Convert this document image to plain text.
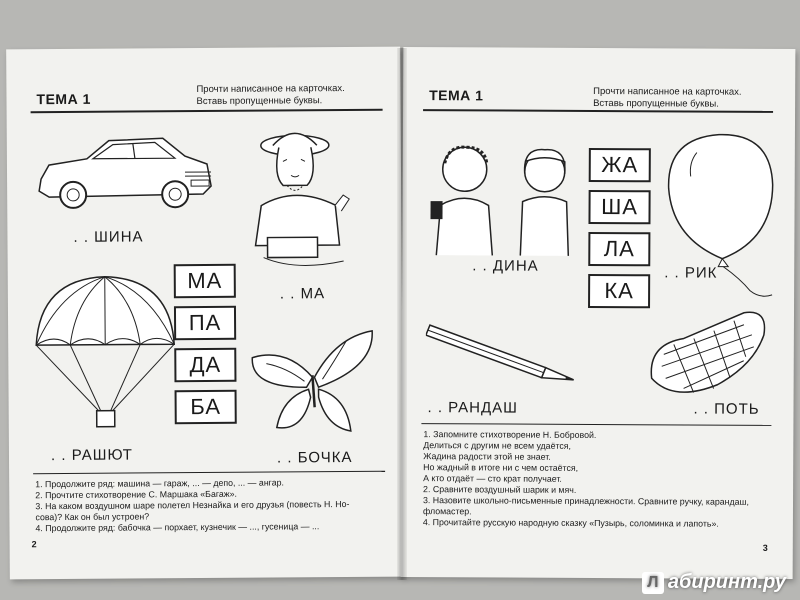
ТЕМА 1
Прочти написанное на карточках.
Вставь пропущенные буквы.
. . ШИНА
. . МА
МА
ПА
ДА
БА
. . РАШЮТ	. . БОЧКА
1. Продолжите ряд: машина — гараж, ... — депо, ... — ангар.
2. Прочтите стихотворение С. Маршака «Багаж».
3. На каком воздушном шаре полетел Незнайка и его друзья (повесть Н. Но-
сова)? Как он был устроен?
4. Продолжите ряд: бабочка — порхает, кузнечик — ..., гусеница — ...
2
ТЕМА 1	Прочти написанное на карточках.
Вставь пропущенные буквы.
. . ДИНА
ЖА
ША
ЛА
КА
. . РИК
. . РАНДАШ	. . ПОТЬ
1. Запомните стихотворение Н. Бобровой.
Делиться с другим не всем удаётся,
Жадина радости этой не знает.
Но жадный в итоге ни с чем остаётся,
А кто отдаёт — сто крат получает.
2. Сравните воздушный шарик и мяч.
3. Назовите школьно-письменные принадлежности. Сравните ручку, карандаш,
фломастер.
4. Прочитайте русскую народную сказку «Пузырь, соломинка и лапоть».
3
Л абиринт.ру
